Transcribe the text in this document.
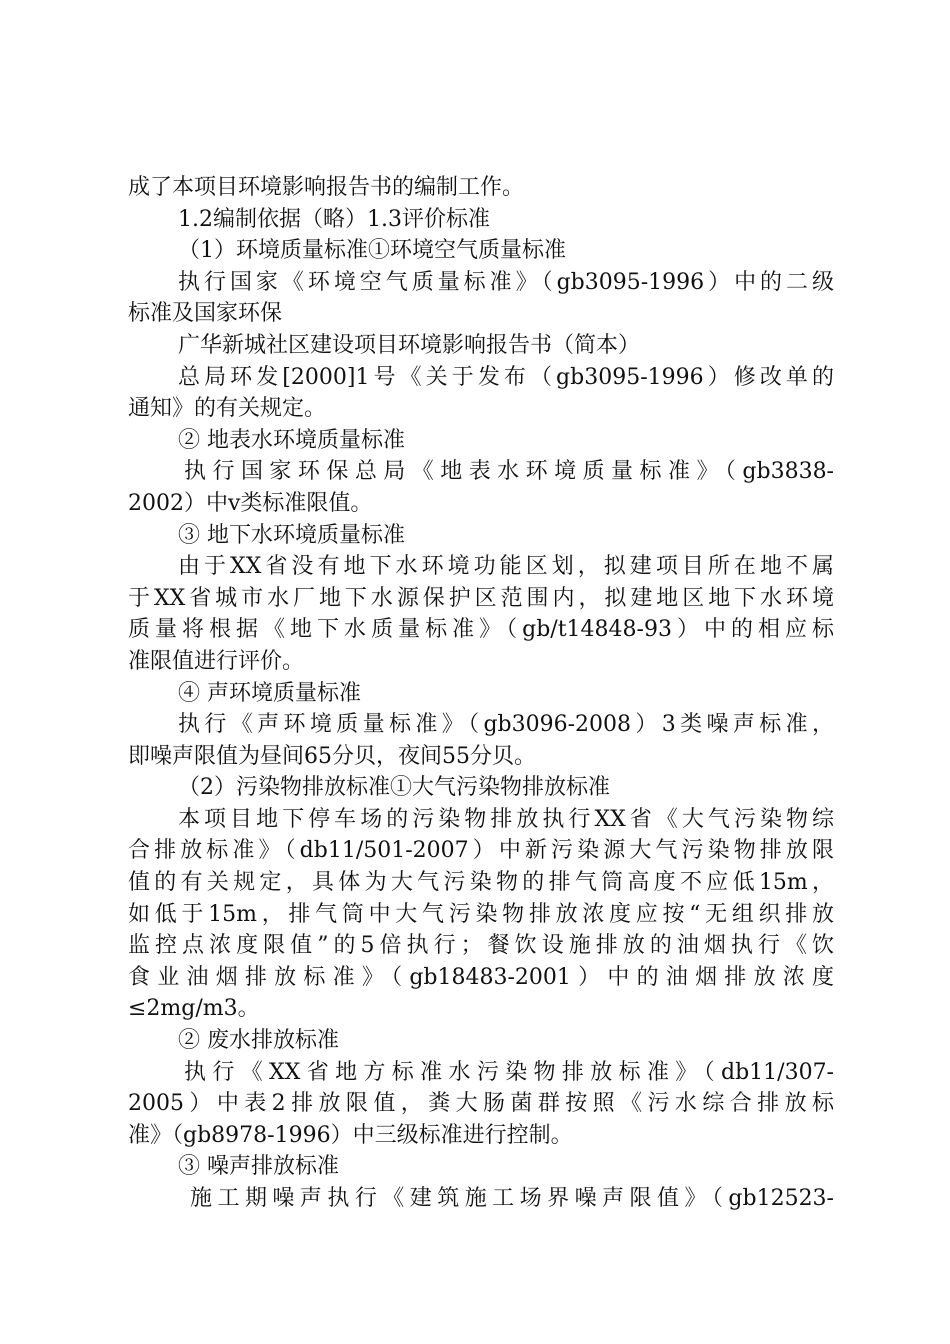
成了本项目环境影响报告书的编制工作。
1.2编制依据（略）1.3评价标准
（1）环境质量标准①环境空气质量标准
执行国家《环境空气质量标准》（gb3095-1996）中的二级
标准及国家环保
广华新城社区建设项目环境影响报告书（简本）
总局环发[2000]1号《关于发布（gb3095-1996）修改单的
通知》的有关规定。
② 地表水环境质量标准
执行国家环保总局《地表水环境质量标准》（gb3838-
2002）中v类标准限值。
③ 地下水环境质量标准
由于XX省没有地下水环境功能区划，拟建项目所在地不属
于XX省城市水厂地下水源保护区范围内，拟建地区地下水环境
质量将根据《地下水质量标准》（gb/t14848-93）中的相应标
准限值进行评价。
④ 声环境质量标准
执行《声环境质量标准》（gb3096-2008）3类噪声标准，
即噪声限值为昼间65分贝，夜间55分贝。
（2）污染物排放标准①大气污染物排放标准
本项目地下停车场的污染物排放执行XX省《大气污染物综
合排放标准》（db11/501-2007）中新污染源大气污染物排放限
值的有关规定，具体为大气污染物的排气筒高度不应低15m，
如低于15m，排气筒中大气污染物排放浓度应按“无组织排放
监控点浓度限值”的5倍执行；餐饮设施排放的油烟执行《饮
食业油烟排放标准》（gb18483-2001）中的油烟排放浓度
≤2mg/m3。
② 废水排放标准
执行《XX省地方标准水污染物排放标准》（db11/307-
2005）中表2排放限值，粪大肠菌群按照《污水综合排放标
准》（gb8978-1996）中三级标准进行控制。
③ 噪声排放标准
施工期噪声执行《建筑施工场界噪声限值》（gb12523-
